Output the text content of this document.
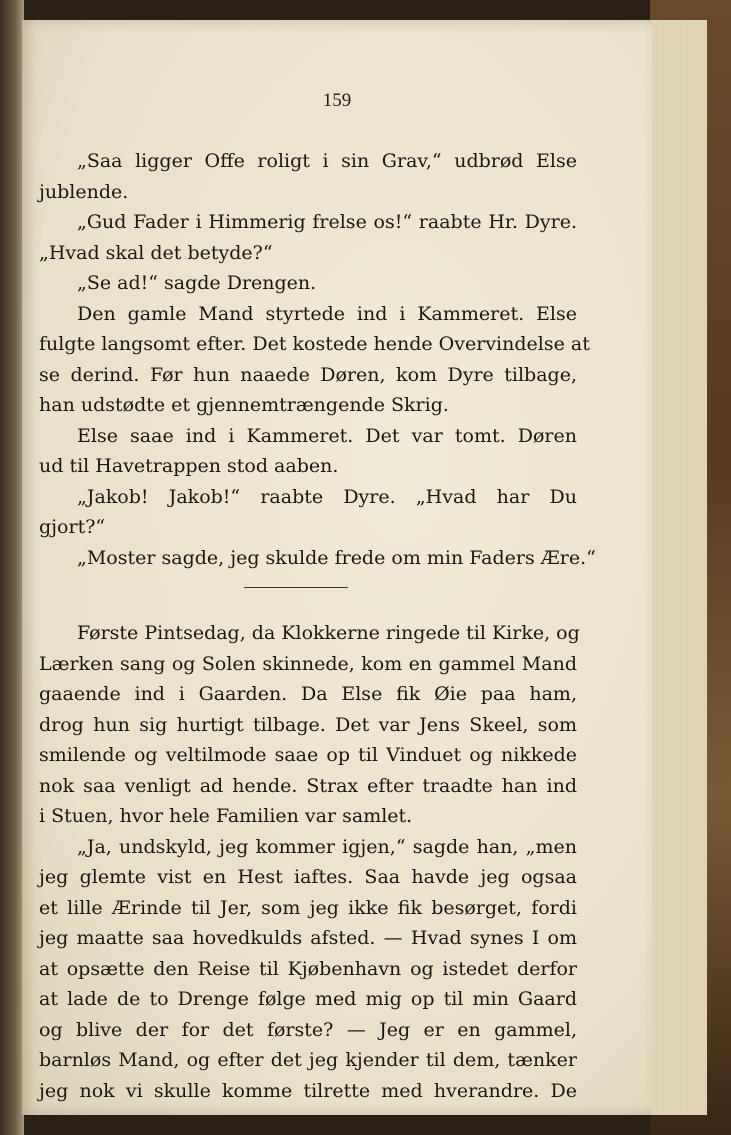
159
„Saa ligger Offe roligt i sin Grav,“ udbrød Else
jublende.
„Gud Fader i Himmerig frelse os!“ raabte Hr. Dyre.
„Hvad skal det betyde?“
„Se ad!“ sagde Drengen.
Den gamle Mand styrtede ind i Kammeret. Else
fulgte langsomt efter. Det kostede hende Overvindelse at
se derind. Før hun naaede Døren, kom Dyre tilbage,
han udstødte et gjennemtrængende Skrig.
Else saae ind i Kammeret. Det var tomt. Døren
ud til Havetrappen stod aaben.
„Jakob! Jakob!“ raabte Dyre. „Hvad har Du
gjort?“
„Moster sagde, jeg skulde frede om min Faders Ære.“
Første Pintsedag, da Klokkerne ringede til Kirke, og
Lærken sang og Solen skinnede, kom en gammel Mand
gaaende ind i Gaarden. Da Else fik Øie paa ham,
drog hun sig hurtigt tilbage. Det var Jens Skeel, som
smilende og veltilmode saae op til Vinduet og nikkede
nok saa venligt ad hende. Strax efter traadte han ind
i Stuen, hvor hele Familien var samlet.
„Ja, undskyld, jeg kommer igjen,“ sagde han, „men
jeg glemte vist en Hest iaftes. Saa havde jeg ogsaa
et lille Ærinde til Jer, som jeg ikke fik besørget, fordi
jeg maatte saa hovedkulds afsted. — Hvad synes I om
at opsætte den Reise til Kjøbenhavn og istedet derfor
at lade de to Drenge følge med mig op til min Gaard
og blive der for det første? — Jeg er en gammel,
barnløs Mand, og efter det jeg kjender til dem, tænker
jeg nok vi skulle komme tilrette med hverandre. De
